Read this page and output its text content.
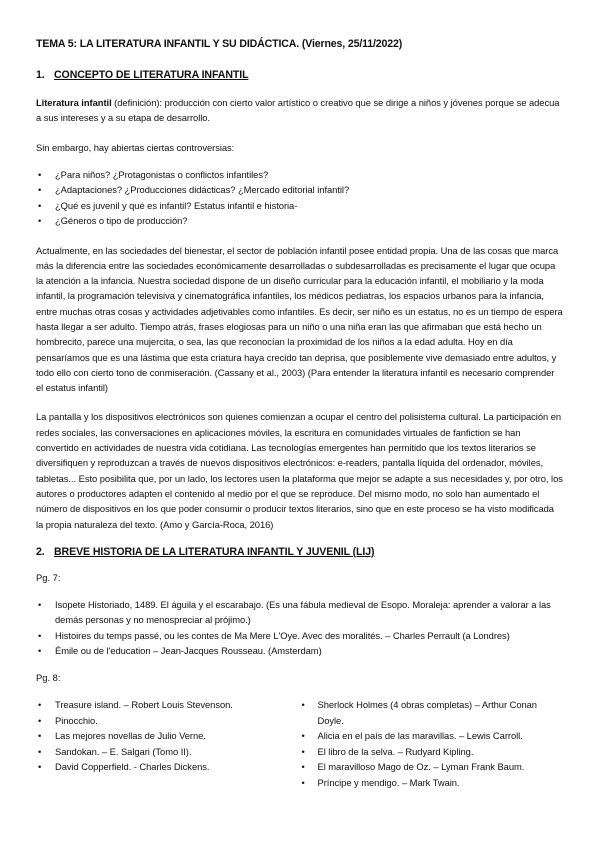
TEMA 5: LA LITERATURA INFANTIL Y SU DIDÁCTICA. (Viernes, 25/11/2022)
1. CONCEPTO DE LITERATURA INFANTIL

Literatura infantil (definición): producción con cierto valor artístico o creativo que se dirige a niños y jóvenes porque se adecua a sus intereses y a su etapa de desarrollo.

Sin embargo, hay abiertas ciertas controversias:

• ¿Para niños? ¿Protagonistas o conflictos infantiles?
• ¿Adaptaciones? ¿Producciones didácticas? ¿Mercado editorial infantil?
• ¿Qué es juvenil y qué es infantil? Estatus infantil e historia-
• ¿Géneros o tipo de producción?

Actualmente, en las sociedades del bienestar, el sector de población infantil posee entidad propia. Una de las cosas que marca más la diferencia entre las sociedades económicamente desarrolladas o subdesarrolladas es precisamente el lugar que ocupa la atención a la infancia. Nuestra sociedad dispone de un diseño curricular para la educación infantil, el mobiliario y la moda infantil, la programación televisiva y cinematográfica infantiles, los médicos pediatras, los espacios urbanos para la infancia, entre muchas otras cosas y actividades adjetivables como infantiles. Es decir, ser niño es un estatus, no es un tiempo de espera hasta llegar a ser adulto. Tiempo atrás, frases elogiosas para un niño o una niña eran las que afirmaban que está hecho un hombrecito, parece una mujercita, o sea, las que reconocían la proximidad de los niños a la edad adulta. Hoy en día pensaríamos que es una lástima que esta criatura haya crecido tan deprisa, que posiblemente vive demasiado entre adultos, y todo ello con cierto tono de conmiseración. (Cassany et al., 2003) (Para entender la literatura infantil es necesario comprender el estatus infantil)

La pantalla y los dispositivos electrónicos son quienes comienzan a ocupar el centro del polisistema cultural. La participación en redes sociales, las conversaciones en aplicaciones móviles, la escritura en comunidades virtuales de fanfiction se han convertido en actividades de nuestra vida cotidiana. Las tecnologías emergentes han permitido que los textos literarios se diversifiquen y reproduzcan a través de nuevos dispositivos electrónicos: e-readers, pantalla líquida del ordenador, móviles, tabletas... Esto posibilita que, por un lado, los lectores usen la plataforma que mejor se adapte a sus necesidades y, por otro, los autores o productores adapten el contenido al medio por el que se reproduce. Del mismo modo, no solo han aumentado el número de dispositivos en los que poder consumir o producir textos literarios, sino que en este proceso se ha visto modificada la propia naturaleza del texto. (Amo y García-Roca, 2016)

2. BREVE HISTORIA DE LA LITERATURA INFANTIL Y JUVENIL (LIJ)
Pg. 7:
• Isopete Historiado, 1489. El águila y el escarabajo. (Es una fábula medieval de Esopo. Moraleja: aprender a valorar a las demás personas y no menospreciar al prójimo.)
• Histoires du temps passé, ou les contes de Ma Mere L'Oye. Avec des moralités. – Charles Perrault (a Londres)
• Émile ou de l'education – Jean-Jacques Rousseau. (Amsterdam)
Pg. 8:
• Treasure island. – Robert Louis Stevenson.
• Pinocchio.
• Las mejores novellas de Julio Verne.
• Sandokan. – E. Salgari (Tomo II).
• David Copperfield. - Charles Dickens.
• Sherlock Holmes (4 obras completas) – Arthur Conan Doyle.
• Alicia en el país de las maravillas. – Lewis Carroll.
• El libro de la selva. – Rudyard Kipling.
• El maravilloso Mago de Oz. – Lyman Frank Baum.
• Príncipe y mendigo. – Mark Twain.
